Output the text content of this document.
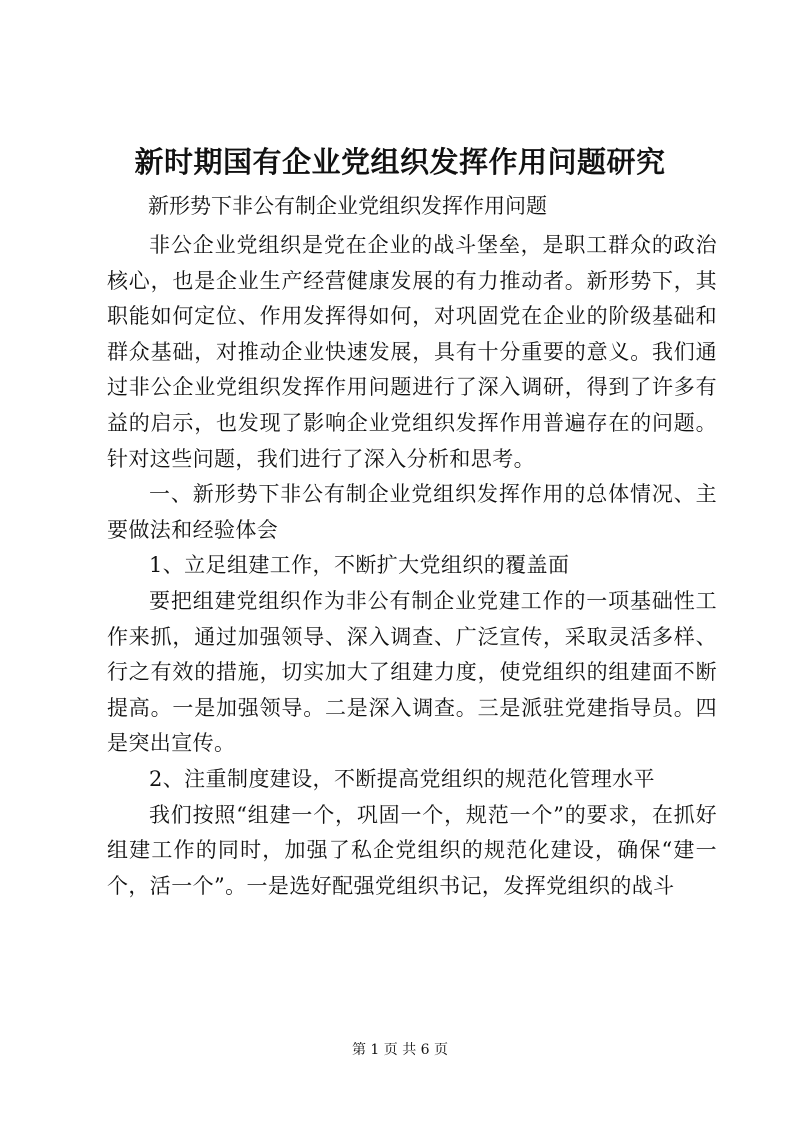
新时期国有企业党组织发挥作用问题研究

新形势下非公有制企业党组织发挥作用问题

非公企业党组织是党在企业的战斗堡垒，是职工群众的政治核心，也是企业生产经营健康发展的有力推动者。新形势下，其职能如何定位、作用发挥得如何，对巩固党在企业的阶级基础和群众基础，对推动企业快速发展，具有十分重要的意义。我们通过非公企业党组织发挥作用问题进行了深入调研，得到了许多有益的启示，也发现了影响企业党组织发挥作用普遍存在的问题。针对这些问题，我们进行了深入分析和思考。

一、新形势下非公有制企业党组织发挥作用的总体情况、主要做法和经验体会

1、立足组建工作，不断扩大党组织的覆盖面

要把组建党组织作为非公有制企业党建工作的一项基础性工作来抓，通过加强领导、深入调查、广泛宣传，采取灵活多样、行之有效的措施，切实加大了组建力度，使党组织的组建面不断提高。一是加强领导。二是深入调查。三是派驻党建指导员。四是突出宣传。

2、注重制度建设，不断提高党组织的规范化管理水平

我们按照“组建一个，巩固一个，规范一个”的要求，在抓好组建工作的同时，加强了私企党组织的规范化建设，确保“建一个，活一个”。一是选好配强党组织书记，发挥党组织的战斗

第 1 页 共 6 页
